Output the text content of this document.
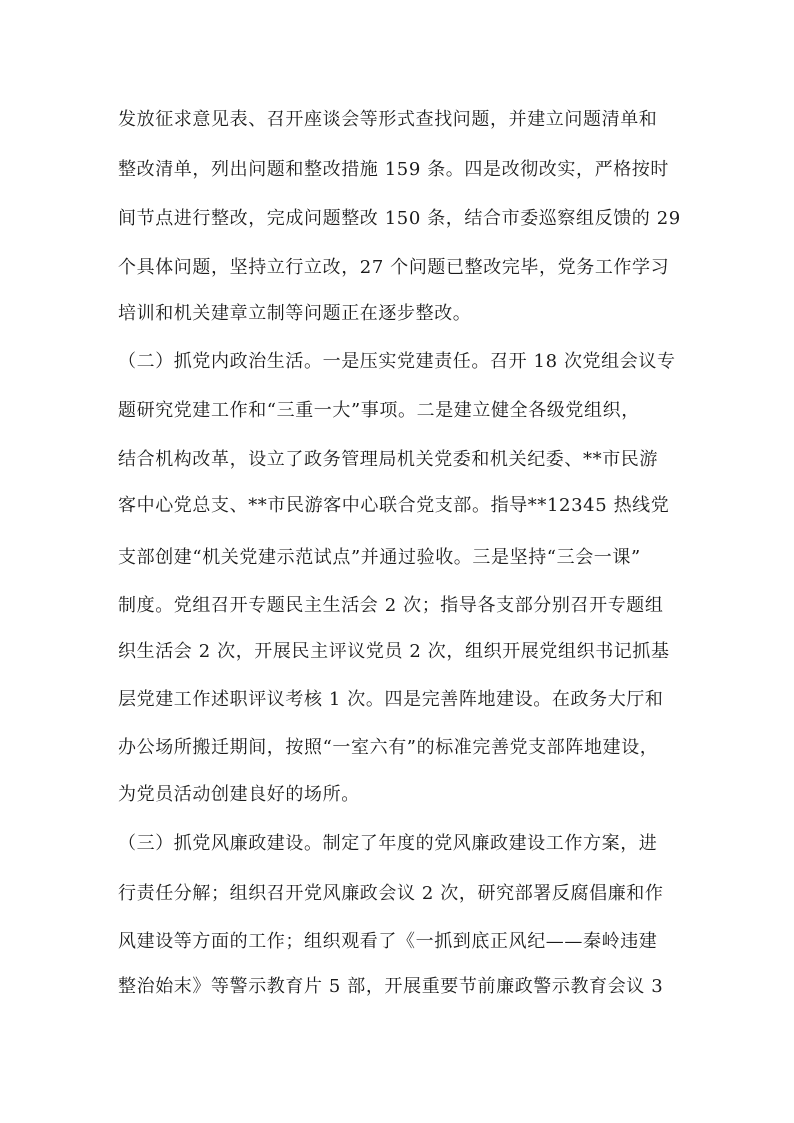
发放征求意见表、召开座谈会等形式查找问题，并建立问题清单和
整改清单，列出问题和整改措施 159 条。四是改彻改实，严格按时
间节点进行整改，完成问题整改 150 条，结合市委巡察组反馈的 29
个具体问题，坚持立行立改，27 个问题已整改完毕，党务工作学习
培训和机关建章立制等问题正在逐步整改。
（二）抓党内政治生活。一是压实党建责任。召开 18 次党组会议专
题研究党建工作和“三重一大”事项。二是建立健全各级党组织，
结合机构改革，设立了政务管理局机关党委和机关纪委、**市民游
客中心党总支、**市民游客中心联合党支部。指导**12345 热线党
支部创建“机关党建示范试点”并通过验收。三是坚持“三会一课”
制度。党组召开专题民主生活会 2 次；指导各支部分别召开专题组
织生活会 2 次，开展民主评议党员 2 次，组织开展党组织书记抓基
层党建工作述职评议考核 1 次。四是完善阵地建设。在政务大厅和
办公场所搬迁期间，按照“一室六有”的标准完善党支部阵地建设，
为党员活动创建良好的场所。
（三）抓党风廉政建设。制定了年度的党风廉政建设工作方案，进
行责任分解；组织召开党风廉政会议 2 次，研究部署反腐倡廉和作
风建设等方面的工作；组织观看了《一抓到底正风纪——秦岭违建
整治始末》等警示教育片 5 部，开展重要节前廉政警示教育会议 3
